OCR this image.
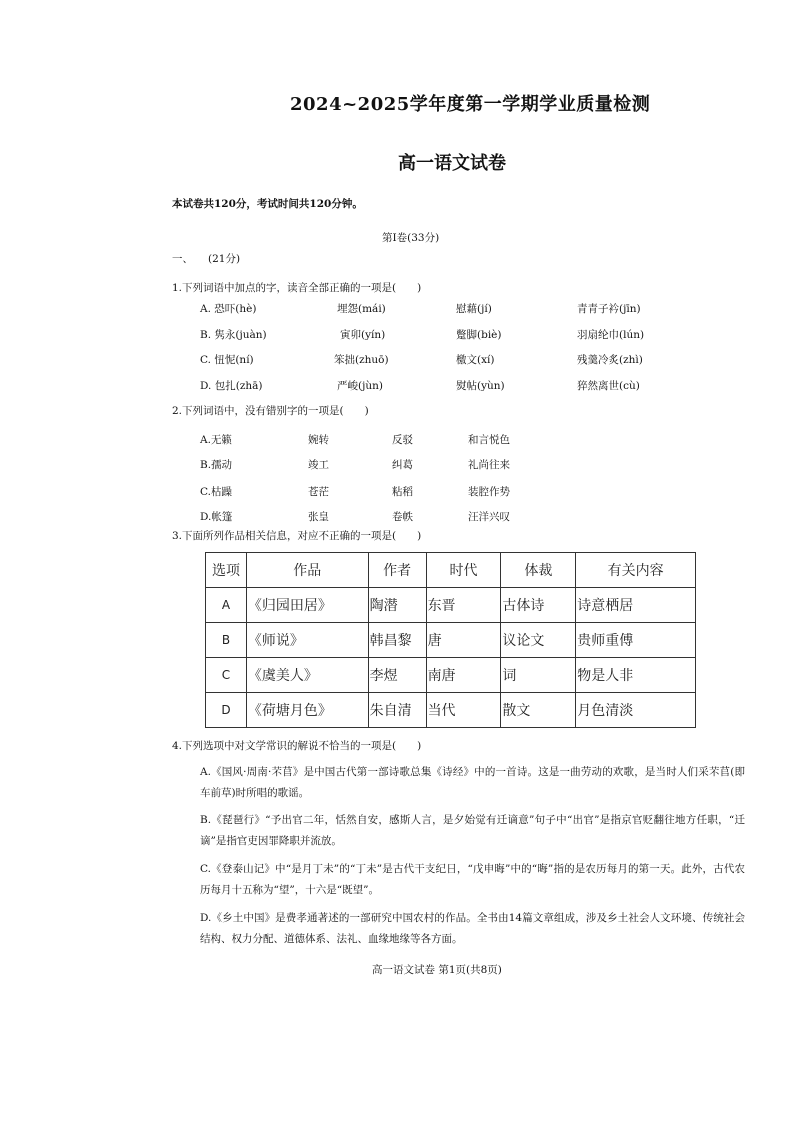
2024~2025学年度第一学期学业质量检测
高一语文试卷
本试卷共120分，考试时间共120分钟。
第Ⅰ卷(33分)
一、 (21分)
1.下列词语中加点的字，读音全部正确的一项是(　　)
A. 恐吓(hè)	埋怨(mái)	慰藉(jí)	青青子衿(jīn)
B. 隽永(juàn)	寅卯(yín)	蹩脚(biè)	羽扇纶巾(lún)
C. 忸怩(ní)	笨拙(zhuō)	檄文(xí)	残羹冷炙(zhì)
D. 包扎(zhā)	严峻(jùn)	熨帖(yùn)	猝然离世(cù)
2.下列词语中，没有错别字的一项是(　　)
A.无籁	婉转	反驳	和言悦色
B.孺动	竣工	纠葛	礼尚往来
C.枯躁	苍茫	粘稻	装腔作势
D.帐篷	张皇	卷帙	汪洋兴叹
3.下面所列作品相关信息，对应不正确的一项是(　　)
选项	作品	作者	时代	体裁	有关内容
A	《归园田居》	陶潜	东晋	古体诗	诗意栖居
B	《师说》	韩昌黎	唐	议论文	贵师重傅
C	《虞美人》	李煜	南唐	词	物是人非
D	《荷塘月色》	朱自清	当代	散文	月色清淡
4.下列选项中对文学常识的解说不恰当的一项是(　　)
A.《国风·周南·芣苢》是中国古代第一部诗歌总集《诗经》中的一首诗。这是一曲劳动的欢歌，是当时人们采芣苢(即车前草)时所唱的歌谣。
B.《琵琶行》“予出官二年，恬然自安，感斯人言，是夕始觉有迁谪意”句子中“出官”是指京官贬翻往地方任职，“迁谪”是指官吏因罪降职并流放。
C.《登泰山记》中“是月丁未”的“丁未”是古代干支纪日，“戊申晦”中的“晦”指的是农历每月的第一天。此外，古代农历每月十五称为“望”，十六是“既望”。
D.《乡土中国》是费孝通著述的一部研究中国农村的作品。全书由14篇文章组成，涉及乡土社会人文环境、传统社会结构、权力分配、道德体系、法礼、血缘地缘等各方面。
高一语文试卷 第1页(共8页)
